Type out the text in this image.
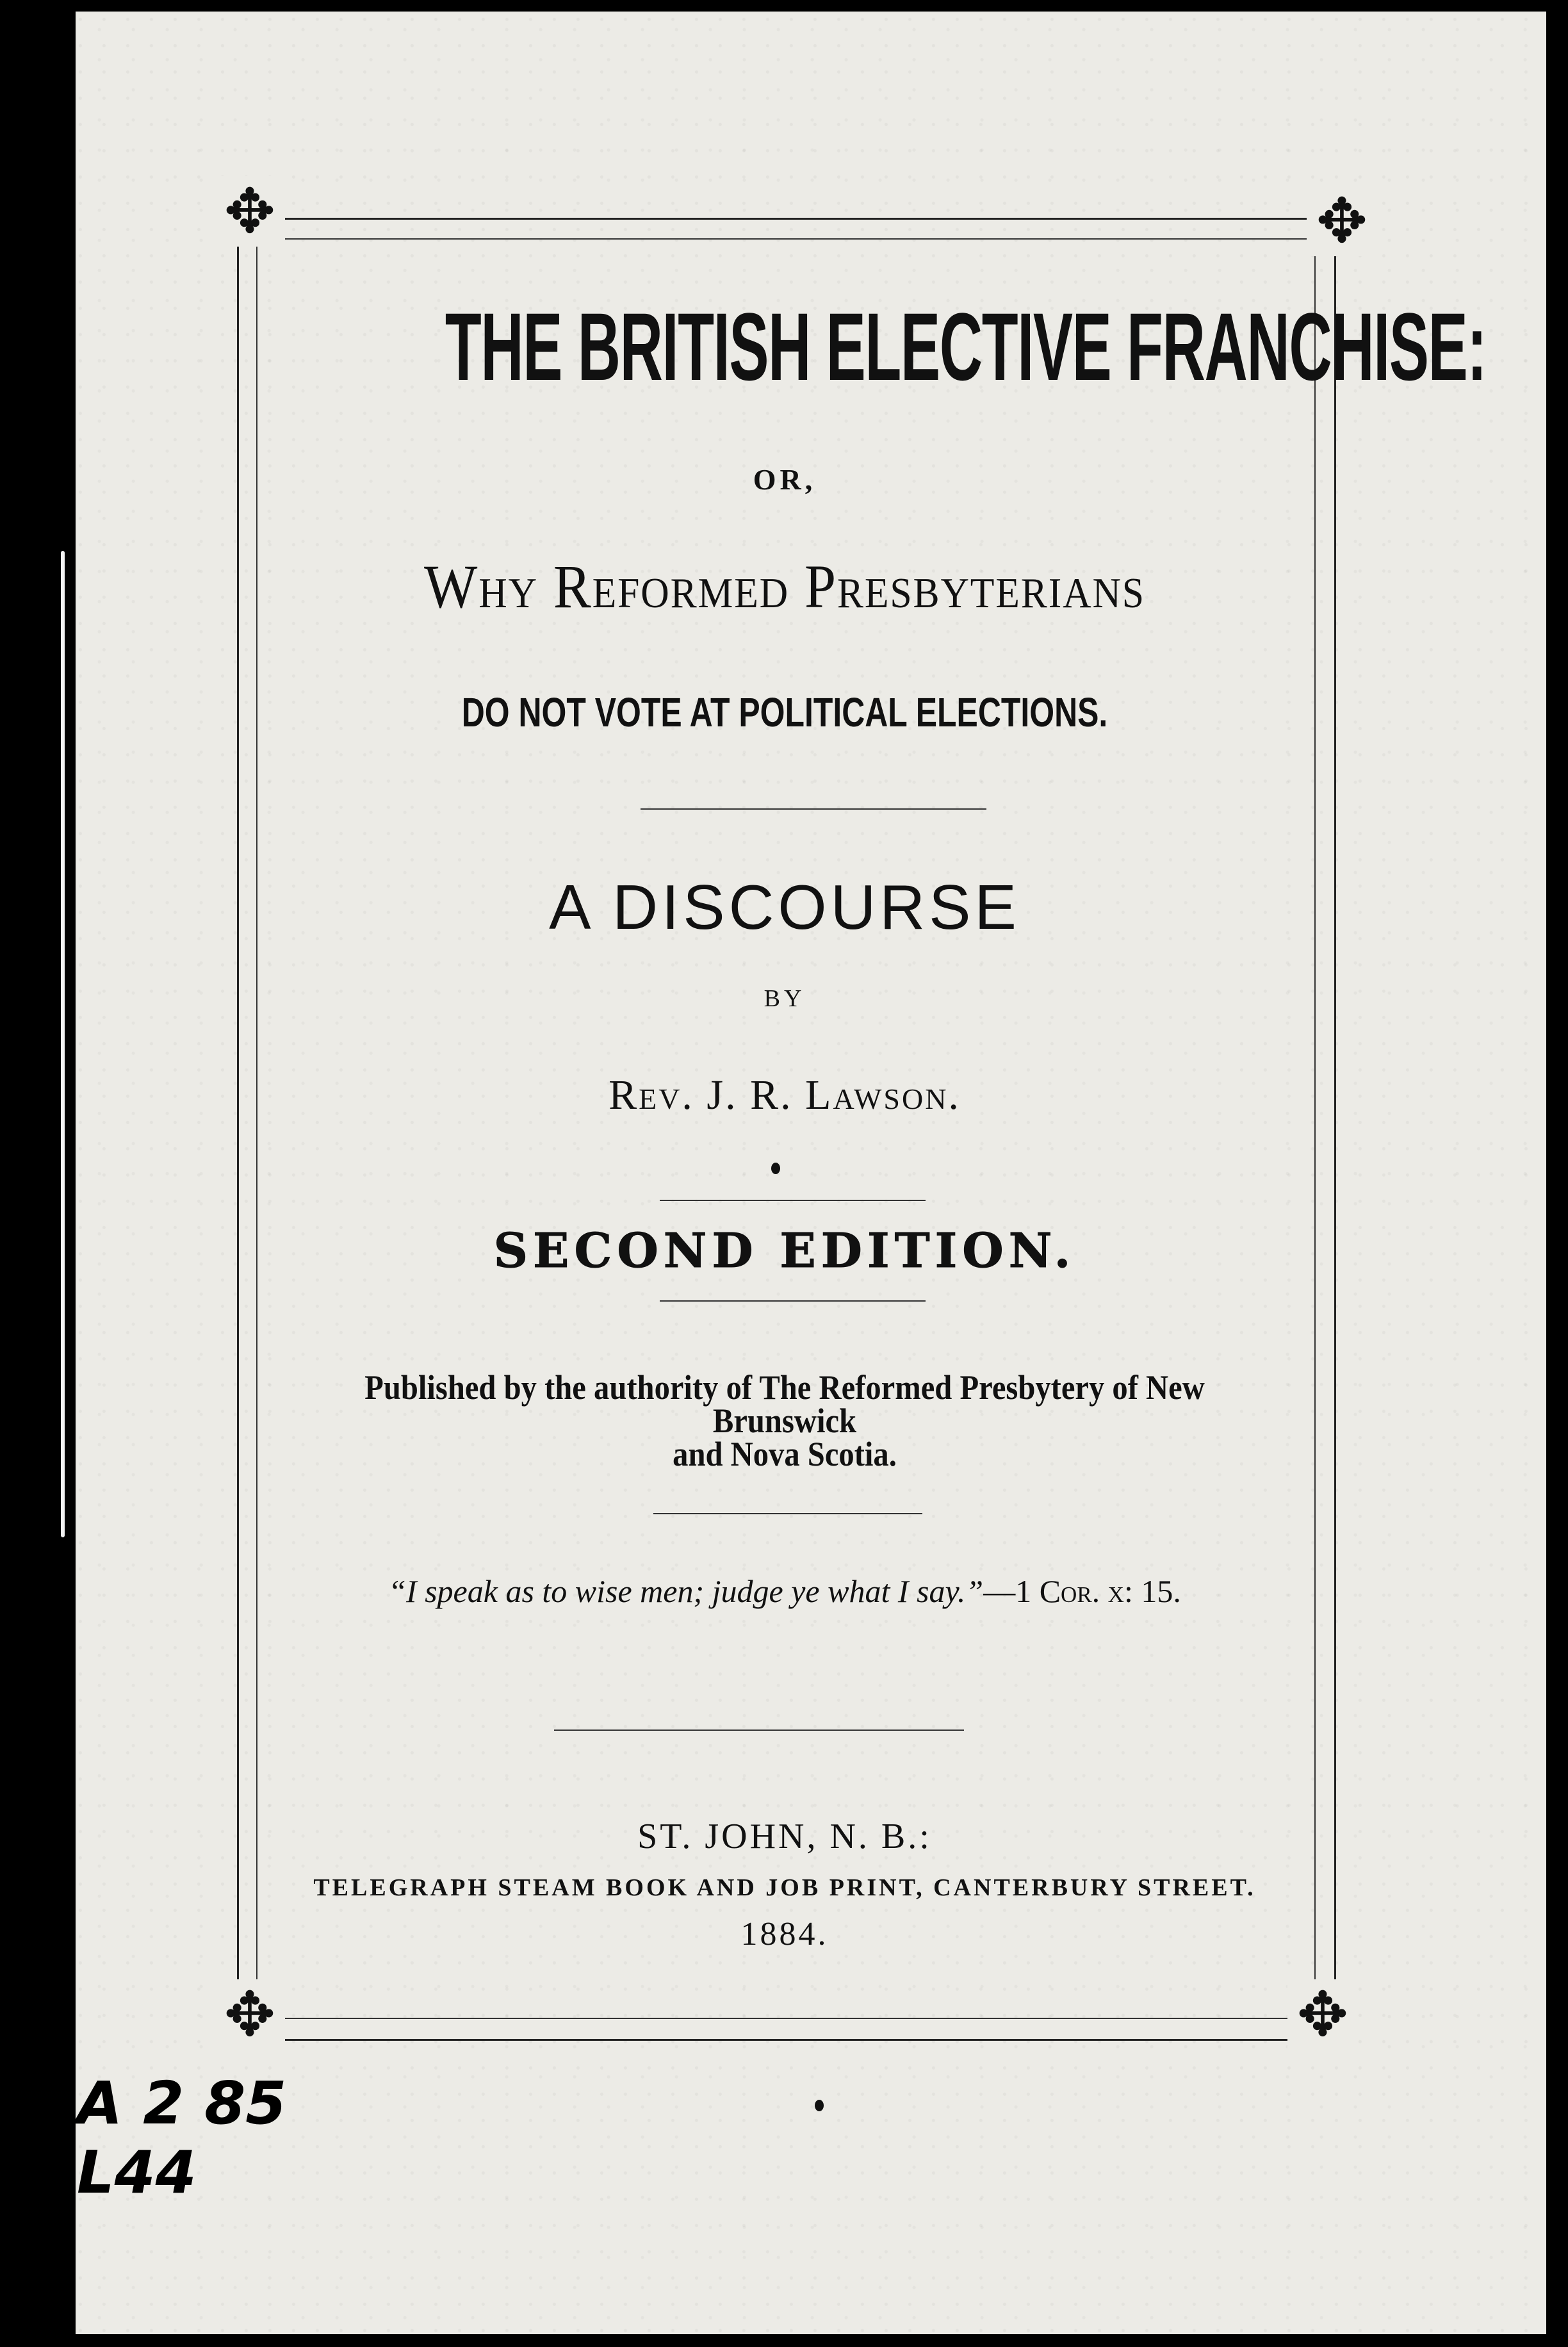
✥	✥
✥	✥
THE BRITISH ELECTIVE FRANCHISE:
OR,
Why Reformed Presbyterians
DO NOT VOTE AT POLITICAL ELECTIONS.
A DISCOURSE
BY
Rev. J. R. Lawson.
SECOND EDITION.
Published by the authority of The Reformed Presbytery of New Brunswick
and Nova Scotia.
“I speak as to wise men; judge ye what I say.”—1 Cor. x: 15.
ST. JOHN, N. B.:
TELEGRAPH STEAM BOOK AND JOB PRINT, CANTERBURY STREET.
1884.
A 2 85
L44
